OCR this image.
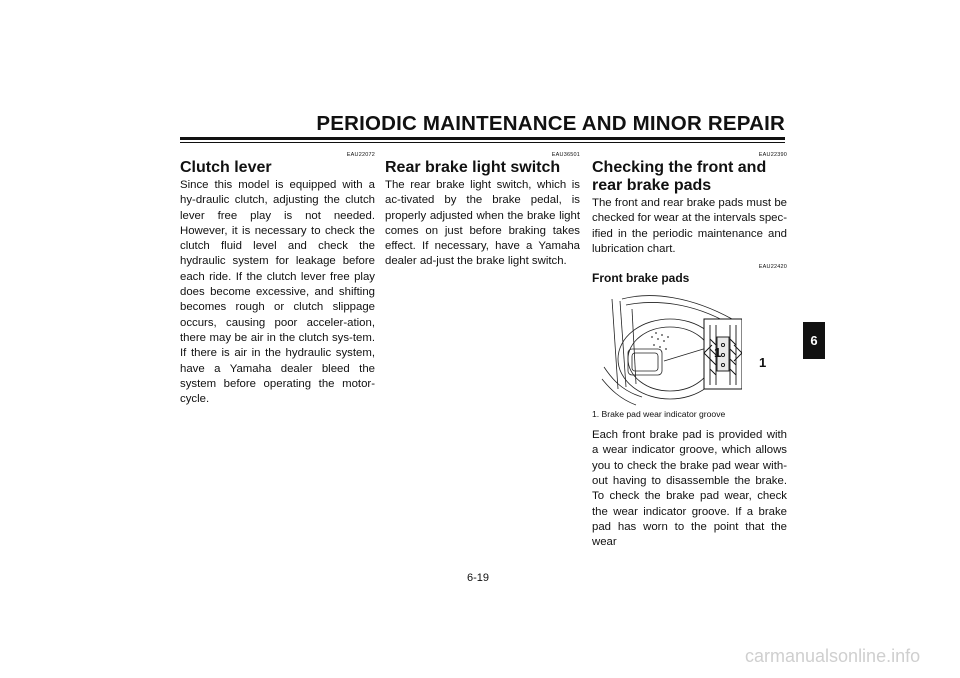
PERIODIC MAINTENANCE AND MINOR REPAIR
EAU22072
Clutch lever

Since this model is equipped with a hy-draulic clutch, adjusting the clutch lever free play is not needed. However, it is necessary to check the clutch fluid level and check the hydraulic system for leakage before each ride. If the clutch lever free play does become excessive, and shifting becomes rough or clutch slippage occurs, causing poor acceler-ation, there may be air in the clutch sys-tem. If there is air in the hydraulic system, have a Yamaha dealer bleed the system before operating the motor-cycle.

EAU36501
Rear brake light switch

The rear brake light switch, which is ac-tivated by the brake pedal, is properly adjusted when the brake light comes on just before braking takes effect. If necessary, have a Yamaha dealer ad-just the brake light switch.

EAU22390
Checking the front and rear brake pads

The front and rear brake pads must be checked for wear at the intervals spec-ified in the periodic maintenance and lubrication chart.

EAU22420
Front brake pads
1
1
1. Brake pad wear indicator groove

Each front brake pad is provided with a wear indicator groove, which allows you to check the brake pad wear with-out having to disassemble the brake. To check the brake pad wear, check the wear indicator groove. If a brake pad has worn to the point that the wear

6
6-19
carmanualsonline.info
